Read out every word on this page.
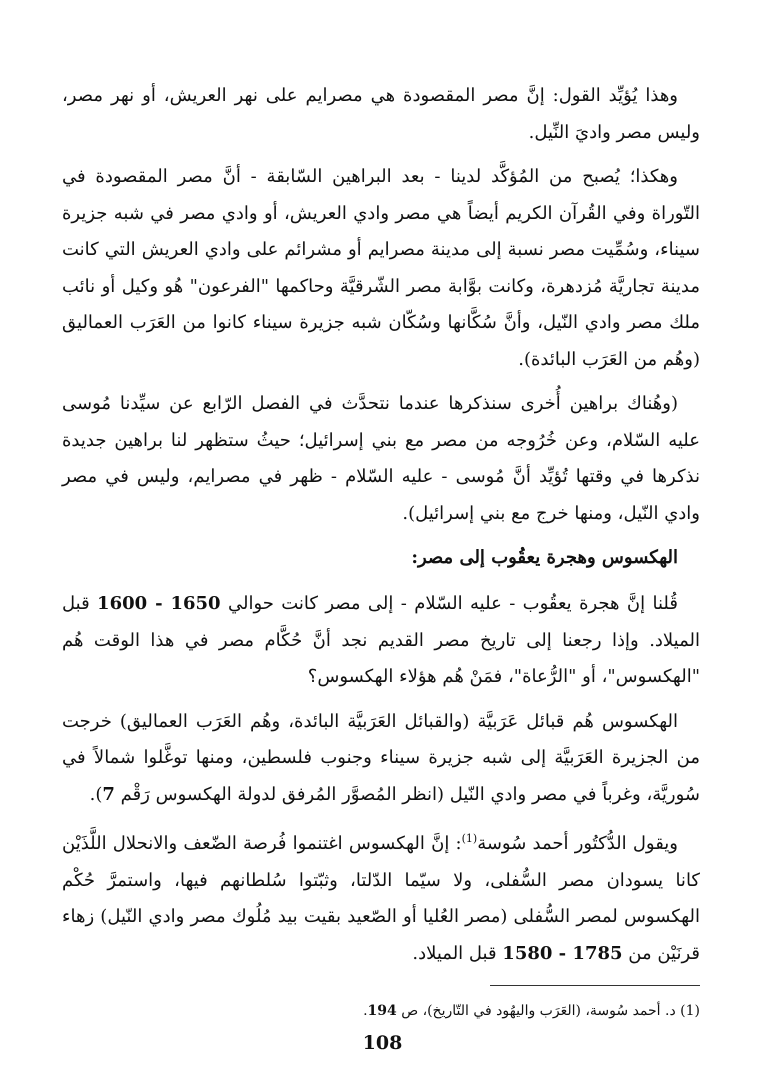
وهذا يُؤيِّد القول: إنَّ مصر المقصودة هي مصرايم على نهر العريش، أو نهر مصر، وليس مصر واديَ النِّيل.

وهكذا؛ يُصبح من المُؤكَّد لدينا - بعد البراهين السّابقة - أنَّ مصر المقصودة في التّوراة وفي القُرآن الكريم أيضاً هي مصر وادي العريش، أو وادي مصر في شبه جزيرة سيناء، وسُمِّيت مصر نسبة إلى مدينة مصرايم أو مشرائم على وادي العريش التي كانت مدينة تجاريَّة مُزدهرة، وكانت بوَّابة مصر الشّرقيَّة وحاكمها "الفرعون" هُو وكيل أو نائب ملك مصر وادي النّيل، وأنَّ سُكَّانها وسُكّان شبه جزيرة سيناء كانوا من العَرَب العماليق (وهُم من العَرَب البائدة).

(وهُناك براهين أُخرى سنذكرها عندما نتحدَّث في الفصل الرّابع عن سيِّدنا مُوسى عليه السّلام، وعن خُرُوجه من مصر مع بني إسرائيل؛ حيثُ ستظهر لنا براهين جديدة نذكرها في وقتها تُؤيِّد أنَّ مُوسى - عليه السّلام - ظهر في مصرايم، وليس في مصر وادي النّيل، ومنها خرج مع بني إسرائيل).

الهكسوس وهجرة يعقُوب إلى مصر:

قُلنا إنَّ هجرة يعقُوب - عليه السّلام - إلى مصر كانت حوالي 1650 - 1600 قبل الميلاد. وإذا رجعنا إلى تاريخ مصر القديم نجد أنَّ حُكَّام مصر في هذا الوقت هُم "الهكسوس"، أو "الرُّعاة"، فمَنْ هُم هؤلاء الهكسوس؟

الهكسوس هُم قبائل عَرَبيَّة (والقبائل العَرَبيَّة البائدة، وهُم العَرَب العماليق) خرجت من الجزيرة العَرَبيَّة إلى شبه جزيرة سيناء وجنوب فلسطين، ومنها توغَّلوا شمالاً في سُوريَّة، وغرباً في مصر وادي النّيل (انظر المُصوَّر المُرفق لدولة الهكسوس رَقْم 7).

ويقول الدُّكتُور أحمد سُوسة$^{(1)}$: إنَّ الهكسوس اغتنموا فُرصة الضّعف والانحلال اللَّذَيْن كانا يسودان مصر السُّفلى، ولا سيّما الدّلتا، وثبّتوا سُلطانهم فيها، واستمرَّ حُكْم الهكسوس لمصر السُّفلى (مصر العُليا أو الصّعيد بقيت بيد مُلُوك مصر وادي النّيل) زهاء قرنَيْن من 1785 - 1580 قبل الميلاد.

(1) د. أحمد سُوسة، (العَرَب واليهُود في التّاريخ)، ص 194.
108
